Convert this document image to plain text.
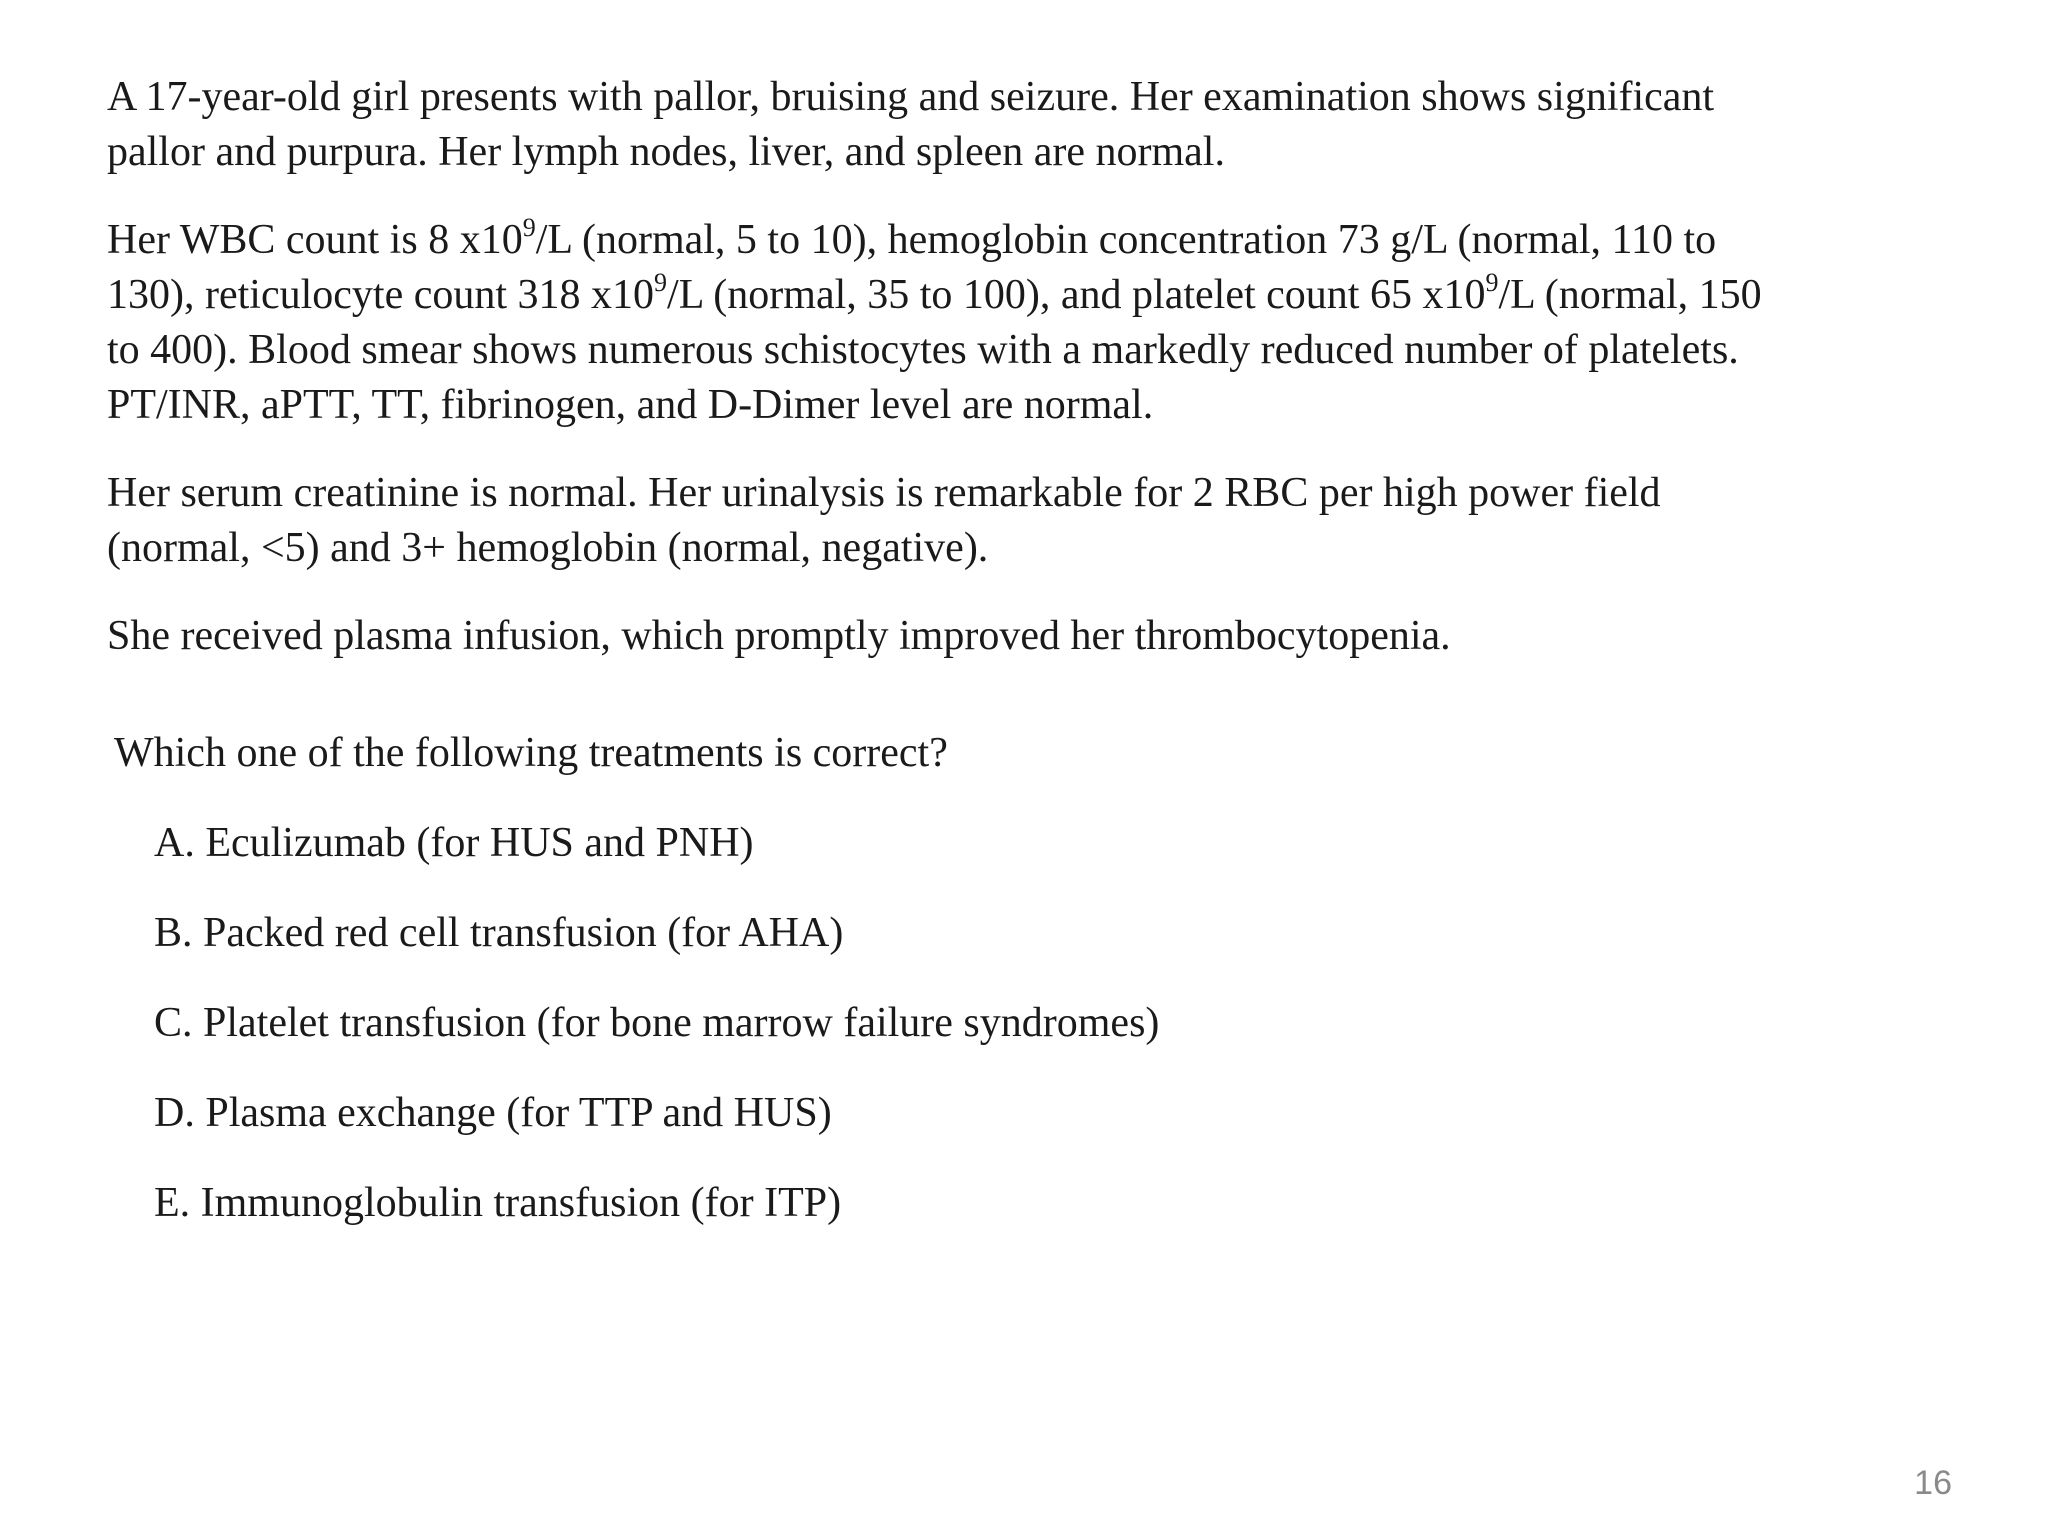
A 17-year-old girl presents with pallor, bruising and seizure. Her examination shows significant
pallor and purpura. Her lymph nodes, liver, and spleen are normal.

Her WBC count is 8 $x10^9/L$ (normal, 5 to 10), hemoglobin concentration 73 g/L (normal, 110 to
130), reticulocyte count 318 $x10^9/L$ (normal, 35 to 100), and platelet count 65 $x10^9/L$ (normal, 150
to 400). Blood smear shows numerous schistocytes with a markedly reduced number of platelets.
PT/INR, aPTT, TT, fibrinogen, and D-Dimer level are normal.

Her serum creatinine is normal. Her urinalysis is remarkable for 2 RBC per high power field
(normal, <5) and 3+ hemoglobin (normal, negative).

She received plasma infusion, which promptly improved her thrombocytopenia.

Which one of the following treatments is correct?
A. Eculizumab (for HUS and PNH)
B. Packed red cell transfusion (for AHA)
C. Platelet transfusion (for bone marrow failure syndromes)
D. Plasma exchange (for TTP and HUS)
E. Immunoglobulin transfusion (for ITP)
16
